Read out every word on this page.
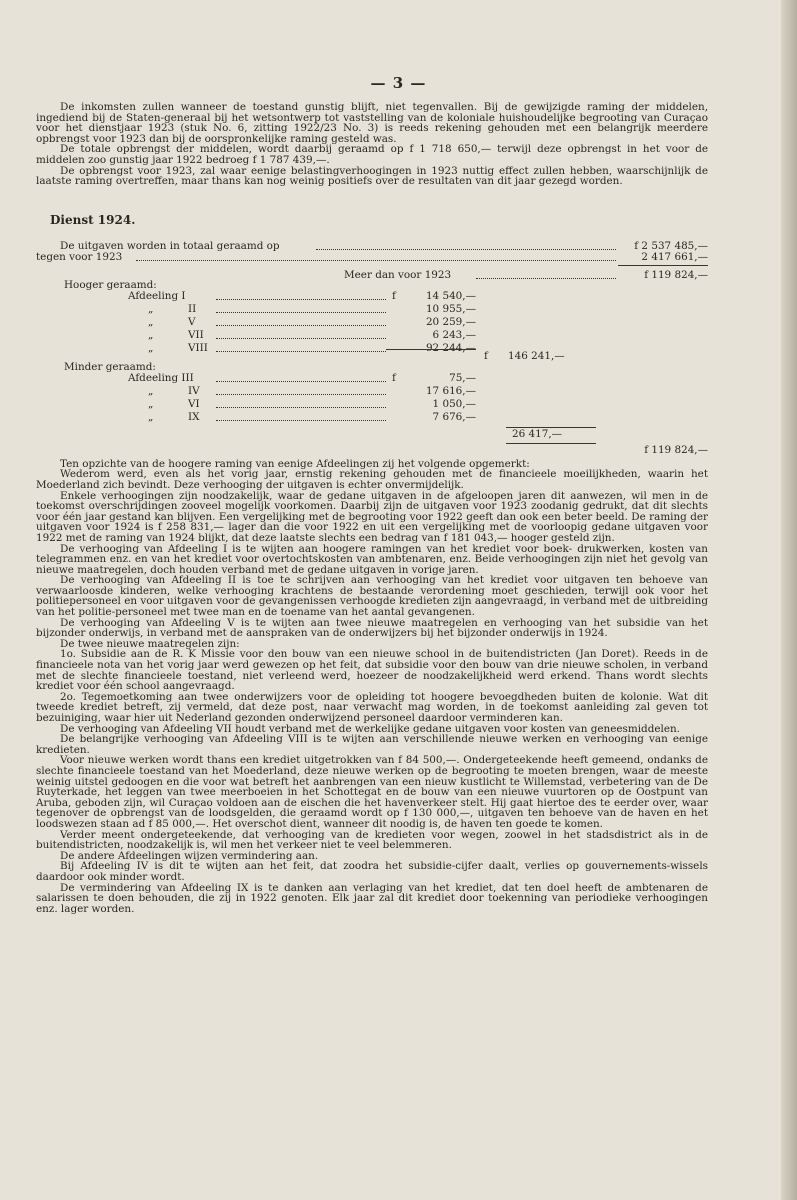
— 3 —

De inkomsten zullen wanneer de toestand gunstig blijft, niet tegenvallen. Bij de gewijzigde raming der middelen, ingediend bij de Staten-generaal bij het wetsontwerp tot vaststelling van de koloniale huishoudelijke begrooting van Curaçao voor het dienstjaar 1923 (stuk No. 6, zitting 1922/23 No. 3) is reeds rekening gehouden met een belangrijk meerdere opbrengst voor 1923 dan bij de oorspronkelijke raming gesteld was.

De totale opbrengst der middelen, wordt daarbij geraamd op f 1 718 650,— terwijl deze opbrengst in het voor de middelen zoo gunstig jaar 1922 bedroeg f 1 787 439,—.

De opbrengst voor 1923, zal waar eenige belastingverhoogingen in 1923 nuttig effect zullen hebben, waarschijnlijk de laatste raming overtreffen, maar thans kan nog weinig positiefs over de resultaten van dit jaar gezegd worden.

Dienst 1924.
De uitgaven worden in totaal geraamd op	f 2 537 485,—
tegen voor 1923	2 417 661,—
Meer dan voor 1923	f 119 824,—
Hooger geraamd:
Afdeeling I	f	14 540,—
„	II	10 955,—
„	V	20 259,—
„	VII	6 243,—
„	VIII	92 244,—
f 146 241,—
Minder geraamd:
Afdeeling III	f	75,—
„	IV	17 616,—
„	VI	1 050,—
„	IX	7 676,—
26 417,—
f 119 824,—

Ten opzichte van de hoogere raming van eenige Afdeelingen zij het volgende opgemerkt:

Wederom werd, even als het vorig jaar, ernstig rekening gehouden met de financieele moeilijkheden, waarin het Moederland zich bevindt. Deze verhooging der uitgaven is echter onvermijdelijk.

Enkele verhoogingen zijn noodzakelijk, waar de gedane uitgaven in de afgeloopen jaren dit aanwezen, wil men in de toekomst overschrijdingen zooveel mogelijk voorkomen. Daarbij zijn de uitgaven voor 1923 zoodanig gedrukt, dat dit slechts voor één jaar gestand kan blijven. Een vergelijking met de begrooting voor 1922 geeft dan ook een beter beeld. De raming der uitgaven voor 1924 is f 258 831,— lager dan die voor 1922 en uit een vergelijking met de voorloopig gedane uitgaven voor 1922 met de raming van 1924 blijkt, dat deze laatste slechts een bedrag van f 181 043,— hooger gesteld zijn.

De verhooging van Afdeeling I is te wijten aan hoogere ramingen van het krediet voor boek- drukwerken, kosten van telegrammen enz. en van het krediet voor overtochtskosten van ambtenaren, enz. Beide verhoogingen zijn niet het gevolg van nieuwe maatregelen, doch houden verband met de gedane uitgaven in vorige jaren.

De verhooging van Afdeeling II is toe te schrijven aan verhooging van het krediet voor uitgaven ten behoeve van verwaarloosde kinderen, welke verhooging krachtens de bestaande verordening moet geschieden, terwijl ook voor het politiepersoneel en voor uitgaven voor de gevangenissen verhoogde kredieten zijn aangevraagd, in verband met de uitbreiding van het politie-personeel met twee man en de toename van het aantal gevangenen.

De verhooging van Afdeeling V is te wijten aan twee nieuwe maatregelen en verhooging van het subsidie van het bijzonder onderwijs, in verband met de aanspraken van de onderwijzers bij het bijzonder onderwijs in 1924.

De twee nieuwe maatregelen zijn:

1o. Subsidie aan de R. K Missie voor den bouw van een nieuwe school in de buitendistricten (Jan Doret). Reeds in de financieele nota van het vorig jaar werd gewezen op het feit, dat subsidie voor den bouw van drie nieuwe scholen, in verband met de slechte financieele toestand, niet verleend werd, hoezeer de noodzakelijkheid werd erkend. Thans wordt slechts krediet voor één school aangevraagd.

2o. Tegemoetkoming aan twee onderwijzers voor de opleiding tot hoogere bevoegdheden buiten de kolonie. Wat dit tweede krediet betreft, zij vermeld, dat deze post, naar verwacht mag worden, in de toekomst aanleiding zal geven tot bezuiniging, waar hier uit Nederland gezonden onderwijzend personeel daardoor verminderen kan.

De verhooging van Afdeeling VII houdt verband met de werkelijke gedane uitgaven voor kosten van geneesmiddelen.

De belangrijke verhooging van Afdeeling VIII is te wijten aan verschillende nieuwe werken en verhooging van eenige kredieten.

Voor nieuwe werken wordt thans een krediet uitgetrokken van f 84 500,—. Ondergeteekende heeft gemeend, ondanks de slechte financieele toestand van het Moederland, deze nieuwe werken op de begrooting te moeten brengen, waar de meeste weinig uitstel gedoogen en die voor wat betreft het aanbrengen van een nieuw kustlicht te Willemstad, verbetering van de De Ruyterkade, het leggen van twee meerboeien in het Schottegat en de bouw van een nieuwe vuurtoren op de Oostpunt van Aruba, geboden zijn, wil Curaçao voldoen aan de eischen die het havenverkeer stelt. Hij gaat hiertoe des te eerder over, waar tegenover de opbrengst van de loodsgelden, die geraamd wordt op f 130 000,—, uitgaven ten behoeve van de haven en het loodswezen staan ad f 85 000,—. Het overschot dient, wanneer dit noodig is, de haven ten goede te komen.

Verder meent ondergeteekende, dat verhooging van de kredieten voor wegen, zoowel in het stadsdistrict als in de buitendistricten, noodzakelijk is, wil men het verkeer niet te veel belemmeren.

De andere Afdeelingen wijzen vermindering aan.

Bij Afdeeling IV is dit te wijten aan het feit, dat zoodra het subsidie-cijfer daalt, verlies op gouvernements-wissels daardoor ook minder wordt.

De vermindering van Afdeeling IX is te danken aan verlaging van het krediet, dat ten doel heeft de ambtenaren de salarissen te doen behouden, die zij in 1922 genoten. Elk jaar zal dit krediet door toekenning van periodieke verhoogingen enz. lager worden.
